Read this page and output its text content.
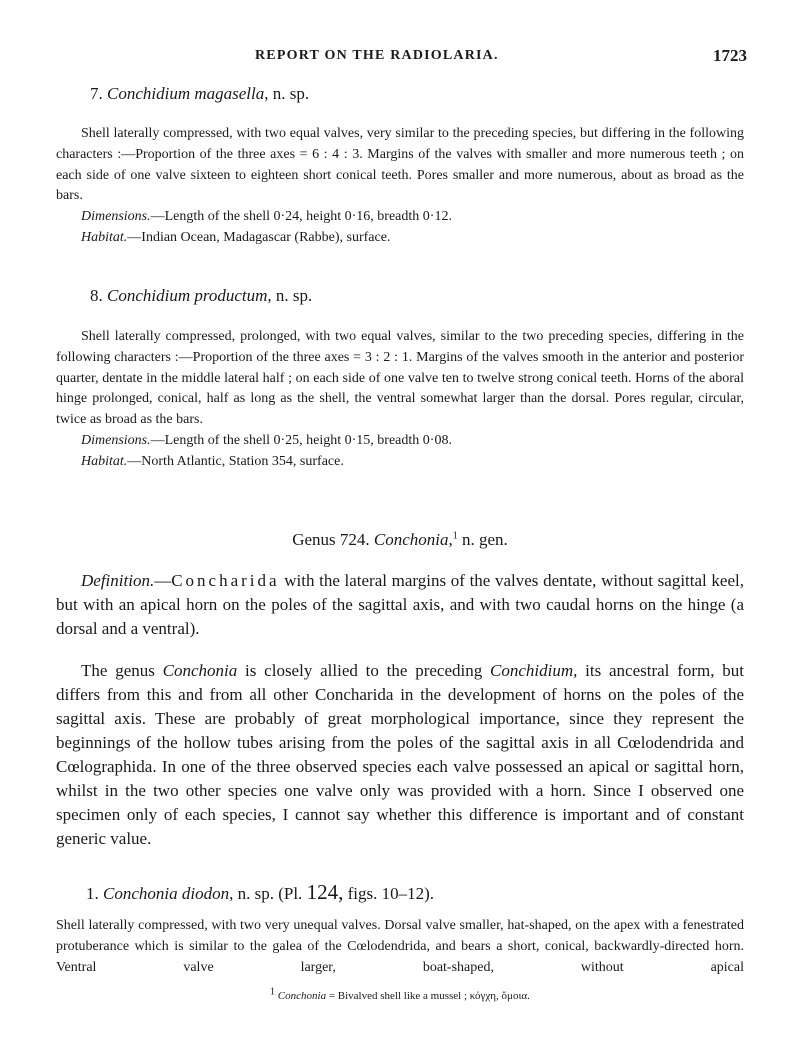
REPORT ON THE RADIOLARIA.	1723
7. Conchidium magasella, n. sp.

Shell laterally compressed, with two equal valves, very similar to the preceding species, but differing in the following characters :—Proportion of the three axes = 6 : 4 : 3. Margins of the valves with smaller and more numerous teeth ; on each side of one valve sixteen to eighteen short conical teeth. Pores smaller and more numerous, about as broad as the bars.

Dimensions.—Length of the shell 0·24, height 0·16, breadth 0·12.

Habitat.—Indian Ocean, Madagascar (Rabbe), surface.

8. Conchidium productum, n. sp.

Shell laterally compressed, prolonged, with two equal valves, similar to the two preceding species, differing in the following characters :—Proportion of the three axes = 3 : 2 : 1. Margins of the valves smooth in the anterior and posterior quarter, dentate in the middle lateral half ; on each side of one valve ten to twelve strong conical teeth. Horns of the aboral hinge prolonged, conical, half as long as the shell, the ventral somewhat larger than the dorsal. Pores regular, circular, twice as broad as the bars.

Dimensions.—Length of the shell 0·25, height 0·15, breadth 0·08.

Habitat.—North Atlantic, Station 354, surface.

Genus 724. Conchonia,$^1$ n. gen.

Definition.—Concharida with the lateral margins of the valves dentate, without sagittal keel, but with an apical horn on the poles of the sagittal axis, and with two caudal horns on the hinge (a dorsal and a ventral).

The genus Conchonia is closely allied to the preceding Conchidium, its ancestral form, but differs from this and from all other Concharida in the development of horns on the poles of the sagittal axis. These are probably of great morphological importance, since they represent the beginnings of the hollow tubes arising from the poles of the sagittal axis in all Cœlodendrida and Cœlographida. In one of the three observed species each valve possessed an apical or sagittal horn, whilst in the two other species one valve only was provided with a horn. Since I observed one specimen only of each species, I cannot say whether this difference is important and of constant generic value.

1. Conchonia diodon, n. sp. (Pl. 124, figs. 10–12).

Shell laterally compressed, with two very unequal valves. Dorsal valve smaller, hat-shaped, on the apex with a fenestrated protuberance which is similar to the galea of the Cœlodendrida, and bears a short, conical, backwardly-directed horn. Ventral valve larger, boat-shaped, without apical

$^1$ Conchonia = Bivalved shell like a mussel ; κόγχη, ὅμοια.
